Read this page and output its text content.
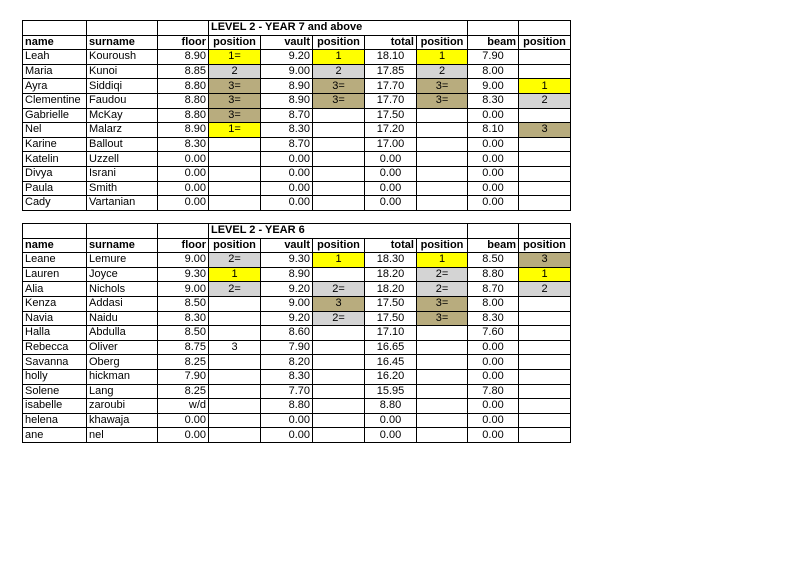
			LEVEL 2 - YEAR 7 and above						
name	surname	floor	position	vault	position	total	position	beam	position
Leah	Kouroush	8.90	1=	9.20	1	18.10	1	7.90	
Maria	Kunoi	8.85	2	9.00	2	17.85	2	8.00	
Ayra	Siddiqi	8.80	3=	8.90	3=	17.70	3=	9.00	1
Clementine	Faudou	8.80	3=	8.90	3=	17.70	3=	8.30	2
Gabrielle	McKay	8.80	3=	8.70		17.50		0.00	
Nel	Malarz	8.90	1=	8.30		17.20		8.10	3
Karine	Ballout	8.30		8.70		17.00		0.00	
Katelin	Uzzell	0.00		0.00		0.00		0.00	
Divya	Israni	0.00		0.00		0.00		0.00	
Paula	Smith	0.00		0.00		0.00		0.00	
Cady	Vartanian	0.00		0.00		0.00		0.00	
			LEVEL 2 - YEAR 6						
name	surname	floor	position	vault	position	total	position	beam	position
Leane	Lemure	9.00	2=	9.30	1	18.30	1	8.50	3
Lauren	Joyce	9.30	1	8.90		18.20	2=	8.80	1
Alia	Nichols	9.00	2=	9.20	2=	18.20	2=	8.70	2
Kenza	Addasi	8.50		9.00	3	17.50	3=	8.00	
Navia	Naidu	8.30		9.20	2=	17.50	3=	8.30	
Halla	Abdulla	8.50		8.60		17.10		7.60	
Rebecca	Oliver	8.75	3	7.90		16.65		0.00	
Savanna	Oberg	8.25		8.20		16.45		0.00	
holly	hickman	7.90		8.30		16.20		0.00	
Solene	Lang	8.25		7.70		15.95		7.80	
isabelle	zaroubi	w/d		8.80		8.80		0.00	
helena	khawaja	0.00		0.00		0.00		0.00	
ane	nel	0.00		0.00		0.00		0.00	
